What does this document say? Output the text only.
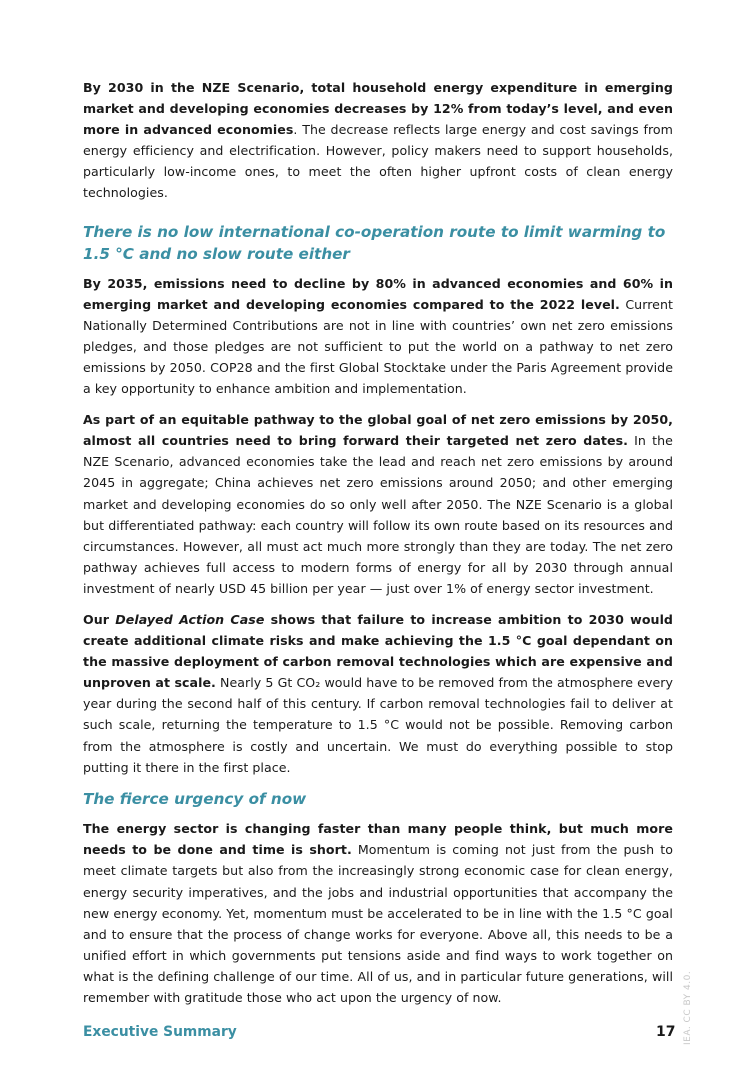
By 2030 in the NZE Scenario, total household energy expenditure in emerging market and developing economies decreases by 12% from today’s level, and even more in advanced economies. The decrease reflects large energy and cost savings from energy efficiency and electrification. However, policy makers need to support households, particularly low-income ones, to meet the often higher upfront costs of clean energy technologies.

There is no low international co-operation route to limit warming to 1.5 °C and no slow route either

By 2035, emissions need to decline by 80% in advanced economies and 60% in emerging market and developing economies compared to the 2022 level. Current Nationally Determined Contributions are not in line with countries’ own net zero emissions pledges, and those pledges are not sufficient to put the world on a pathway to net zero emissions by 2050. COP28 and the first Global Stocktake under the Paris Agreement provide a key opportunity to enhance ambition and implementation.

As part of an equitable pathway to the global goal of net zero emissions by 2050, almost all countries need to bring forward their targeted net zero dates. In the NZE Scenario, advanced economies take the lead and reach net zero emissions by around 2045 in aggregate; China achieves net zero emissions around 2050; and other emerging market and developing economies do so only well after 2050. The NZE Scenario is a global but differentiated pathway: each country will follow its own route based on its resources and circumstances. However, all must act much more strongly than they are today. The net zero pathway achieves full access to modern forms of energy for all by 2030 through annual investment of nearly USD 45 billion per year — just over 1% of energy sector investment.

Our Delayed Action Case shows that failure to increase ambition to 2030 would create additional climate risks and make achieving the 1.5 °C goal dependant on the massive deployment of carbon removal technologies which are expensive and unproven at scale. Nearly 5 Gt CO₂ would have to be removed from the atmosphere every year during the second half of this century. If carbon removal technologies fail to deliver at such scale, returning the temperature to 1.5 °C would not be possible. Removing carbon from the atmosphere is costly and uncertain. We must do everything possible to stop putting it there in the first place.

The fierce urgency of now

The energy sector is changing faster than many people think, but much more needs to be done and time is short. Momentum is coming not just from the push to meet climate targets but also from the increasingly strong economic case for clean energy, energy security imperatives, and the jobs and industrial opportunities that accompany the new energy economy. Yet, momentum must be accelerated to be in line with the 1.5 °C goal and to ensure that the process of change works for everyone. Above all, this needs to be a unified effort in which governments put tensions aside and find ways to work together on what is the defining challenge of our time. All of us, and in particular future generations, will remember with gratitude those who act upon the urgency of now.

Executive Summary	17 IEA. CC BY 4.0.
